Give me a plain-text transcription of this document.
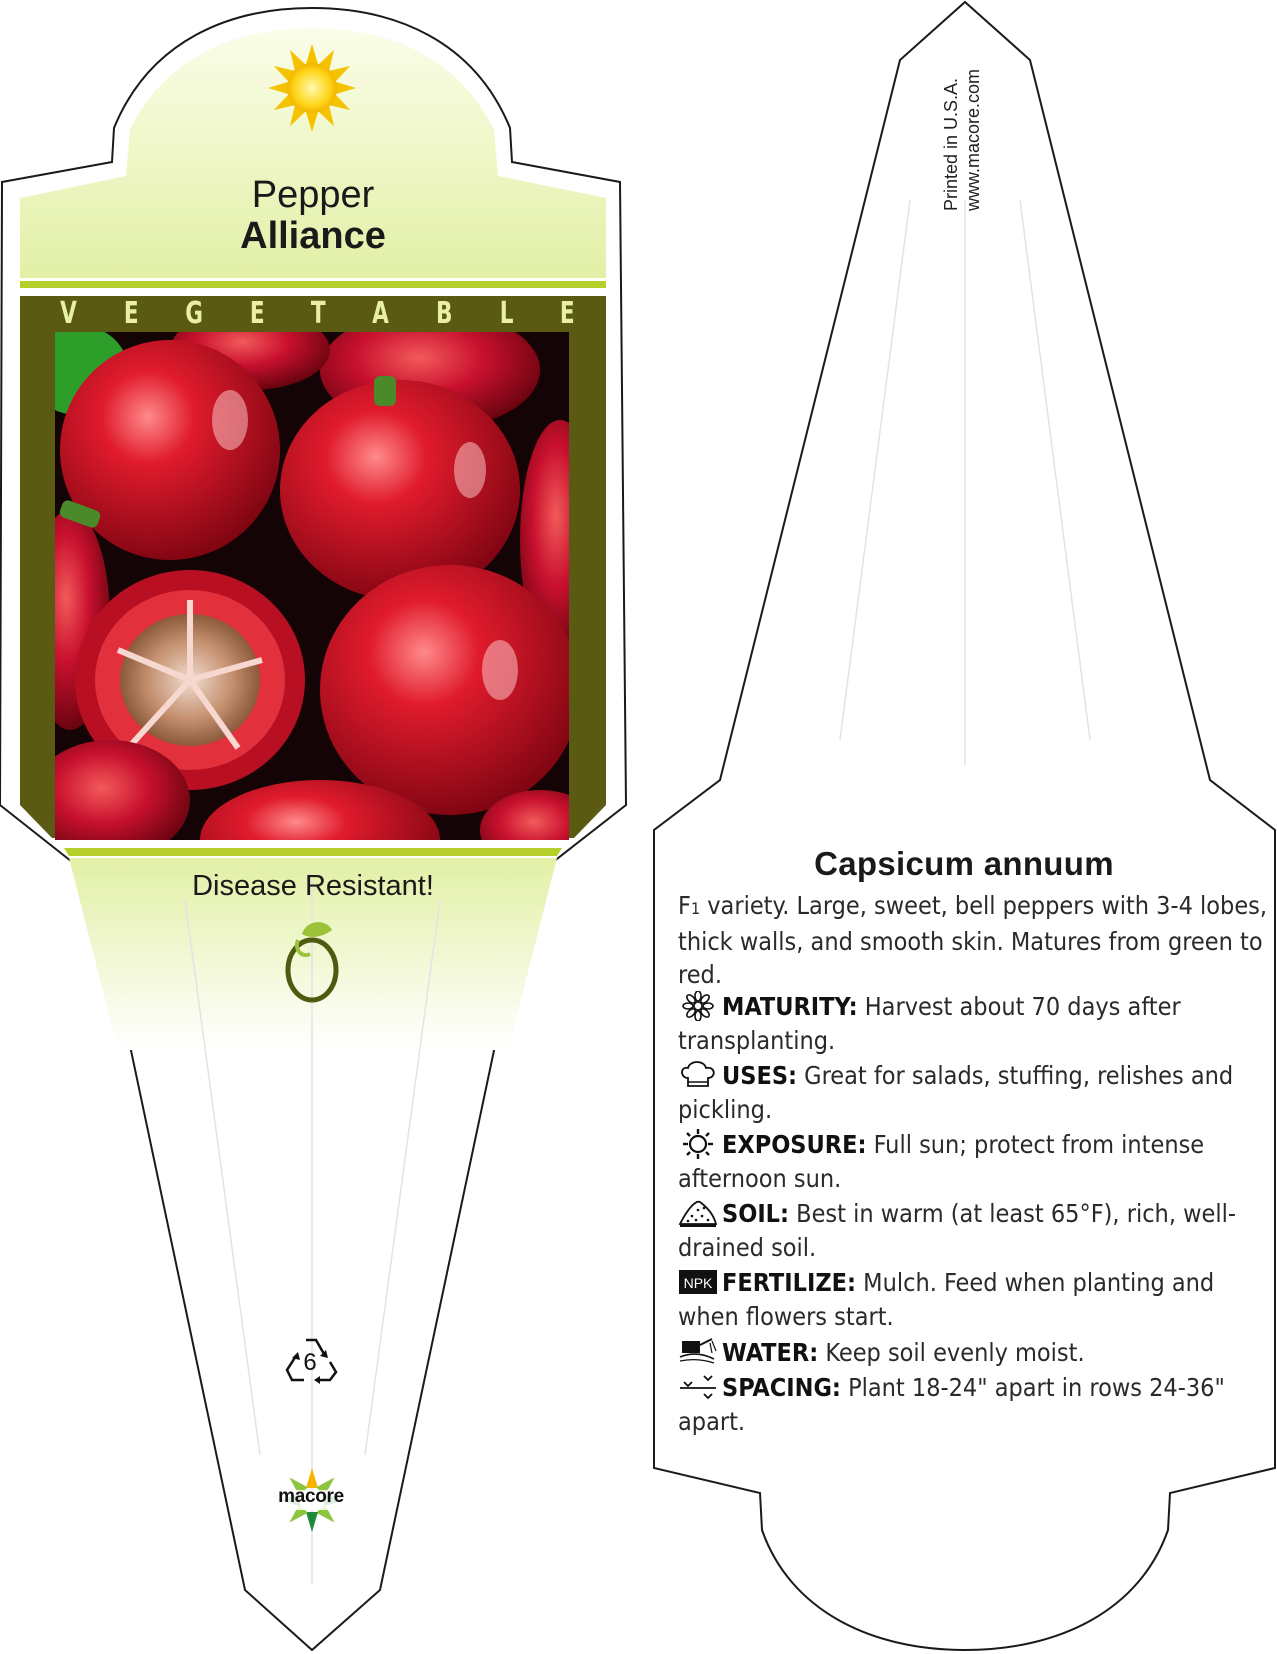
Pepper
Alliance
V E G E T A B L E
Disease Resistant!
6
macore
Printed in U.S.A. www.macore.com
Capsicum annuum
F1 variety. Large, sweet, bell peppers with 3-4 lobes, thick walls, and smooth skin. Matures from green to red.
MATURITY: Harvest about 70 days after transplanting.
USES: Great for salads, stuffing, relishes and pickling.
EXPOSURE: Full sun; protect from intense afternoon sun.
SOIL: Best in warm (at least 65°F), rich, well-drained soil.
NPK FERTILIZE: Mulch. Feed when planting and when flowers start.
WATER: Keep soil evenly moist.
SPACING: Plant 18-24" apart in rows 24-36" apart.
